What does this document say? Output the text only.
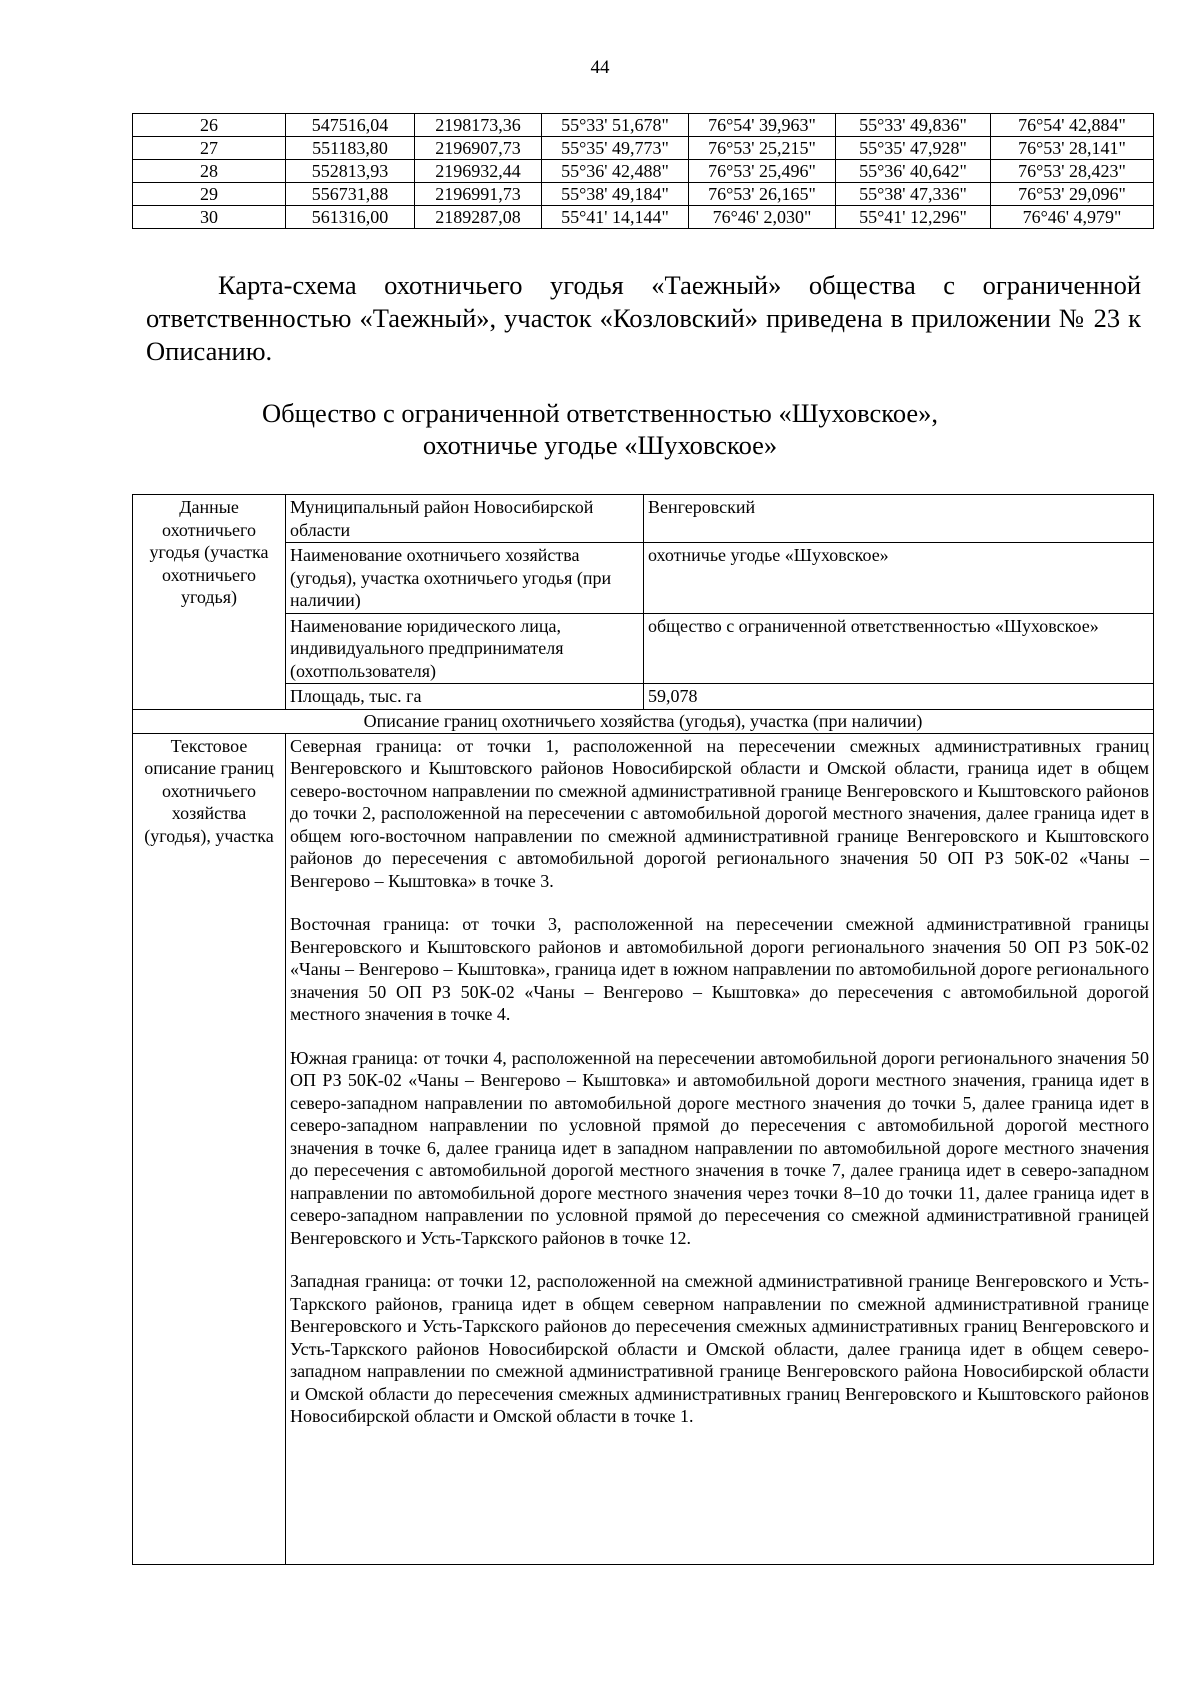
44
26	547516,04	2198173,36	55°33' 51,678"	76°54' 39,963"	55°33' 49,836"	76°54' 42,884"
27	551183,80	2196907,73	55°35' 49,773"	76°53' 25,215"	55°35' 47,928"	76°53' 28,141"
28	552813,93	2196932,44	55°36' 42,488"	76°53' 25,496"	55°36' 40,642"	76°53' 28,423"
29	556731,88	2196991,73	55°38' 49,184"	76°53' 26,165"	55°38' 47,336"	76°53' 29,096"
30	561316,00	2189287,08	55°41' 14,144"	76°46' 2,030"	55°41' 12,296"	76°46' 4,979"

Карта-схема охотничьего угодья «Таежный» общества с ограниченной ответственностью «Таежный», участок «Козловский» приведена в приложении № 23 к Описанию.

Общество с ограниченной ответственностью «Шуховское»,
охотничье угодье «Шуховское»
Данные охотничьего угодья (участка охотничьего угодья)	Муниципальный район Новосибирской области	Венгеровский
	Наименование охотничьего хозяйства (угодья), участка охотничьего угодья (при наличии)	охотничье угодье «Шуховское»
	Наименование юридического лица, индивидуального предпринимателя (охотпользователя)	общество с ограниченной ответственностью «Шуховское»
	Площадь, тыс. га	59,078
Описание границ охотничьего хозяйства (угодья), участка (при наличии)		
Текстовое описание границ охотничьего хозяйства (угодья), участка	Северная граница: от точки 1, расположенной на пересечении смежных административных границ Венгеровского и Кыштовского районов Новосибирской области и Омской области, граница идет в общем северо-восточном направлении по смежной административной границе Венгеровского и Кыштовского районов до точки 2, расположенной на пересечении с автомобильной дорогой местного значения, далее граница идет в общем юго-восточном направлении по смежной административной границе Венгеровского и Кыштовского районов до пересечения с автомобильной дорогой регионального значения 50 ОП РЗ 50К-02 «Чаны – Венгерово – Кыштовка» в точке 3.

Восточная граница: от точки 3, расположенной на пересечении смежной административной границы Венгеровского и Кыштовского районов и автомобильной дороги регионального значения 50 ОП РЗ 50К-02 «Чаны – Венгерово – Кыштовка», граница идет в южном направлении по автомобильной дороге регионального значения 50 ОП РЗ 50К-02 «Чаны – Венгерово – Кыштовка» до пересечения с автомобильной дорогой местного значения в точке 4.

Южная граница: от точки 4, расположенной на пересечении автомобильной дороги регионального значения 50 ОП РЗ 50К-02 «Чаны – Венгерово – Кыштовка» и автомобильной дороги местного значения, граница идет в северо-западном направлении по автомобильной дороге местного значения до точки 5, далее граница идет в северо-западном направлении по условной прямой до пересечения с автомобильной дорогой местного значения в точке 6, далее граница идет в западном направлении по автомобильной дороге местного значения до пересечения с автомобильной дорогой местного значения в точке 7, далее граница идет в северо-западном направлении по автомобильной дороге местного значения через точки 8–10 до точки 11, далее граница идет в северо-западном направлении по условной прямой до пересечения со смежной административной границей Венгеровского и Усть-Таркского районов в точке 12.

Западная граница: от точки 12, расположенной на смежной административной границе Венгеровского и Усть-Таркского районов, граница идет в общем северном направлении по смежной административной границе Венгеровского и Усть-Таркского районов до пересечения смежных административных границ Венгеровского и Усть-Таркского районов Новосибирской области и Омской области, далее граница идет в общем северо-западном направлении по смежной административной границе Венгеровского района Новосибирской области и Омской области до пересечения смежных административных границ Венгеровского и Кыштовского районов Новосибирской области и Омской области в точке 1.	
